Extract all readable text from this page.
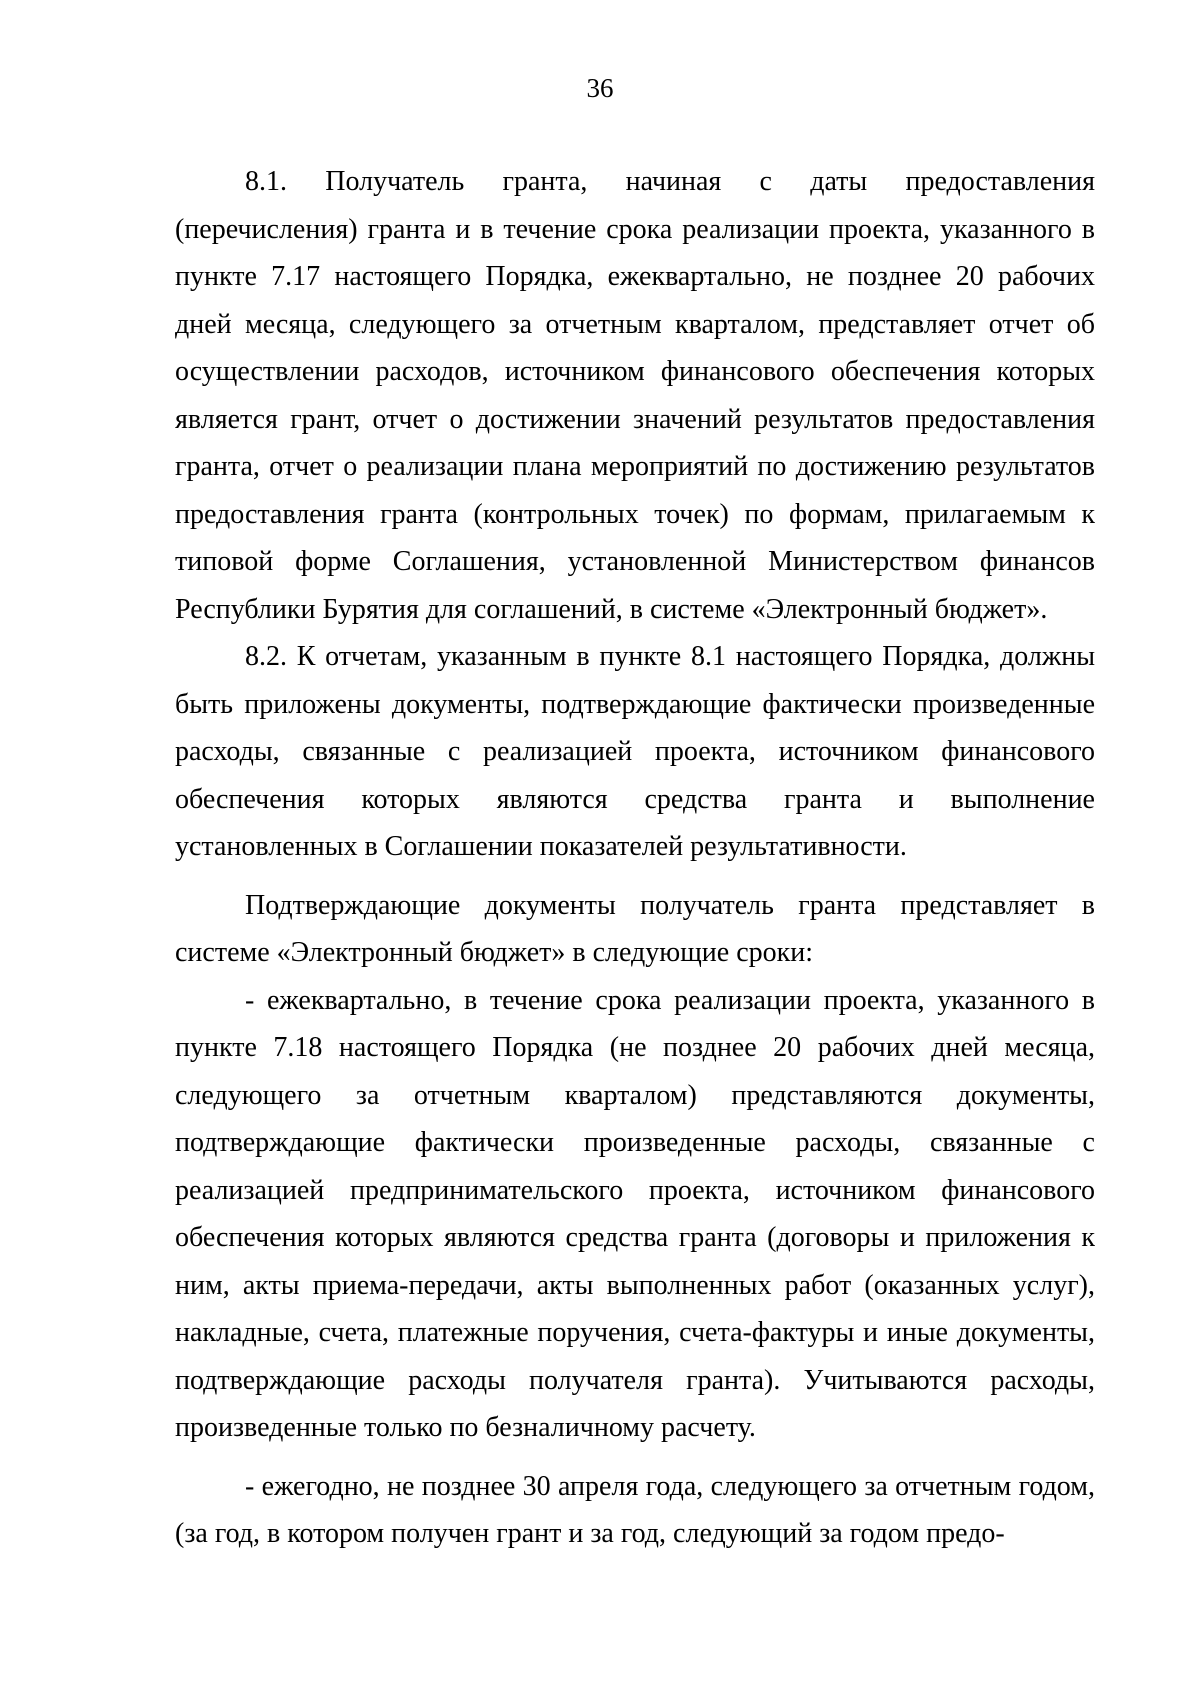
36

8.1. Получатель гранта, начиная с даты предоставления (перечисления) гранта и в течение срока реализации проекта, указанного в пункте 7.17 настоящего Порядка, ежеквартально, не позднее 20 рабочих дней месяца, следующего за отчетным кварталом, представляет отчет об осуществлении расходов, источником финансового обеспечения которых является грант, отчет о достижении значений результатов предоставления гранта, отчет о реализации плана мероприятий по достижению результатов предоставления гранта (контрольных точек) по формам, прилагаемым к типовой форме Соглашения, установленной Министерством финансов Республики Бурятия для соглашений, в системе «Электронный бюджет».

8.2. К отчетам, указанным в пункте 8.1 настоящего Порядка, должны быть приложены документы, подтверждающие фактически произведенные расходы, связанные с реализацией проекта, источником финансового обеспечения которых являются средства гранта и выполнение установленных в Соглашении показателей результативности.

Подтверждающие документы получатель гранта представляет в системе «Электронный бюджет» в следующие сроки:

- ежеквартально, в течение срока реализации проекта, указанного в пункте 7.18 настоящего Порядка (не позднее 20 рабочих дней месяца, следующего за отчетным кварталом) представляются документы, подтверждающие фактически произведенные расходы, связанные с реализацией предпринимательского проекта, источником финансового обеспечения которых являются средства гранта (договоры и приложения к ним, акты приема-передачи, акты выполненных работ (оказанных услуг), накладные, счета, платежные поручения, счета-фактуры и иные документы, подтверждающие расходы получателя гранта). Учитываются расходы, произведенные только по безналичному расчету.

- ежегодно, не позднее 30 апреля года, следующего за отчетным годом, (за год, в котором получен грант и за год, следующий за годом предо-
